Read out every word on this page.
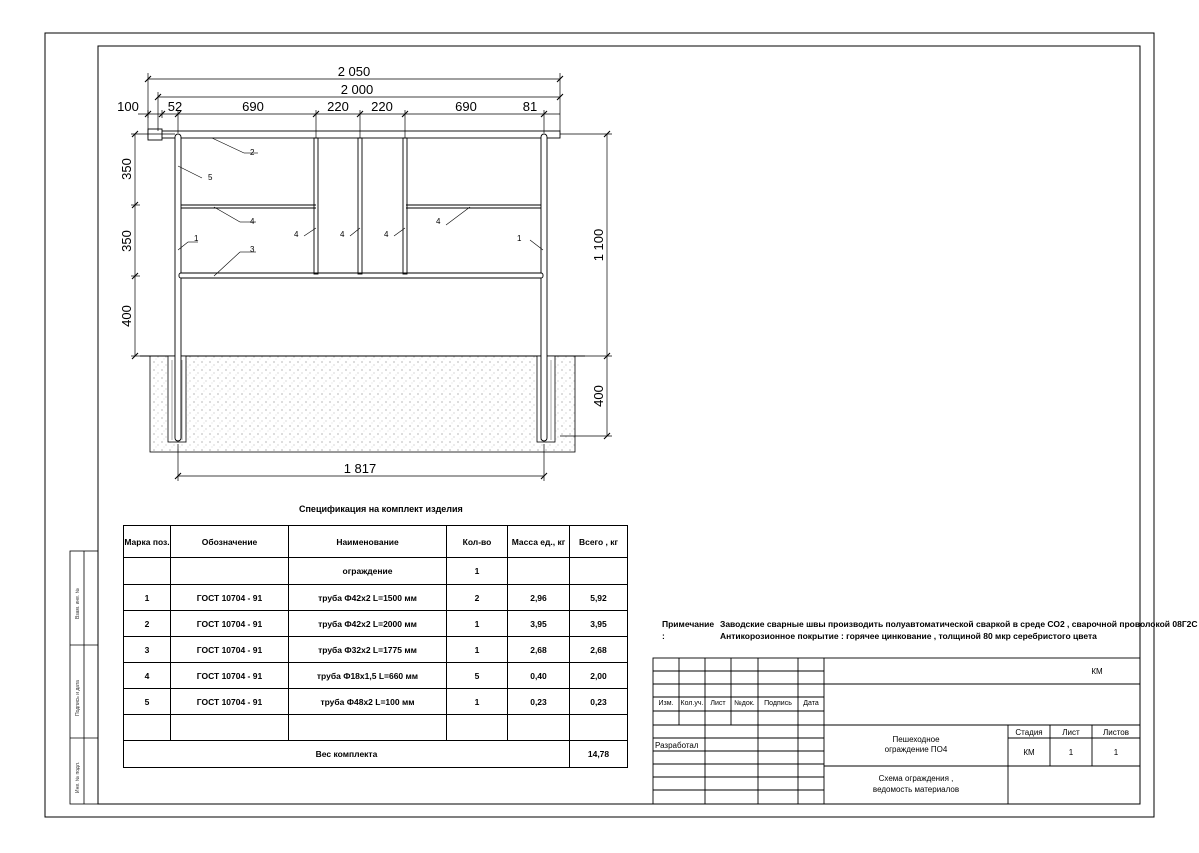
2 050
2 000
100 52	690	220 220	690	81
350
350
400
1 100
400
1 817
2
5
4
4	4	4
4
1	1
3
Спецификация на комплект изделия
Марка поз.	Обозначение	Наименование	Кол-во	Масса ед., кг	Всего , кг
		ограждение	1		
1	ГОСТ 10704 - 91	труба Ф42х2 L=1500 мм	2	2,96	5,92
2	ГОСТ 10704 - 91	труба Ф42х2 L=2000 мм	1	3,95	3,95
3	ГОСТ 10704 - 91	труба Ф32х2 L=1775 мм	1	2,68	2,68
4	ГОСТ 10704 - 91	труба Ф18х1,5 L=660 мм	5	0,40	2,00
5	ГОСТ 10704 - 91	труба Ф48х2 L=100 мм	1	0,23	0,23

Вес комплекта					14,78
Примечание :
Заводские сварные швы производить полуавтоматической сваркой в среде СО2 , сварочной проволокой 08Г2С
Антикорозионное покрытие : горячее цинкование , толщиной 80 мкр серебристого цвета
КМ
Изм.	Кол.уч. Лист	№док.	Подпись	Дата
Разработал
Пешеходное
ограждение ПО4
Стадия	Лист	Листов
КМ	1	1
Схема ограждения ,
ведомость материалов
Взам. инв. №
Подпись и дата
Инв. № подл.
